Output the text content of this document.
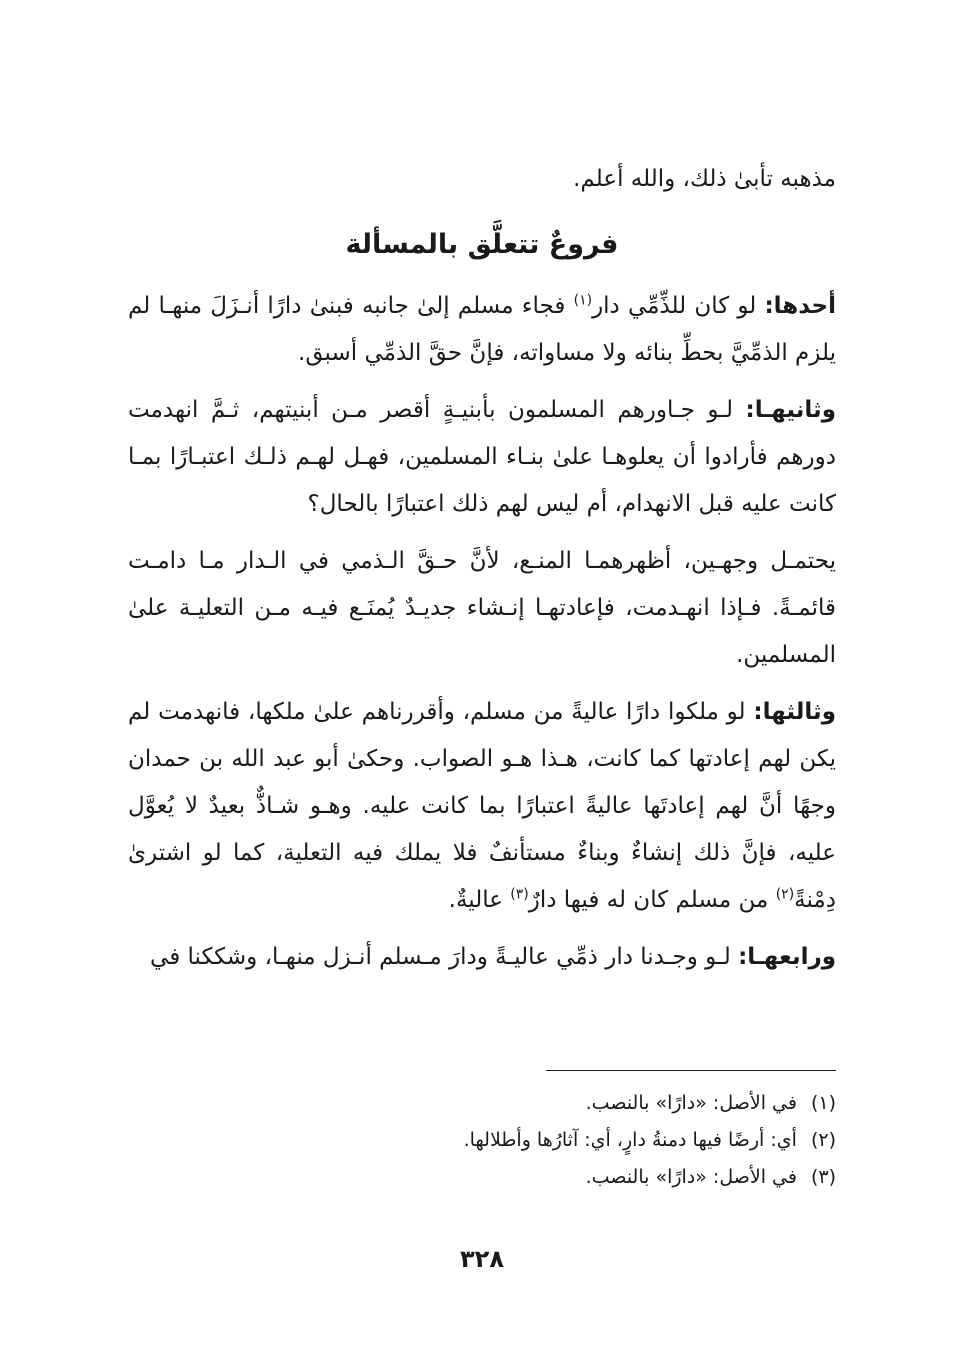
مذهبه تأبىٰ ذلك، والله أعلم.

فروعٌ تتعلَّق بالمسألة

أحدها: لو كان للذِّمِّي دار$^{(١)}$ فجاء مسلم إلىٰ جانبه فبنىٰ دارًا أنـزَلَ منهـا لم يلزم الذمِّيَّ بحطِّ بنائه ولا مساواته، فإنَّ حقَّ الذمِّي أسبق.

وثانيهـا: لـو جـاورهم المسلمون بأبنيـةٍ أقصر مـن أبنيتهم، ثـمَّ انهدمت دورهم فأرادوا أن يعلوهـا علىٰ بنـاء المسلمين، فهـل لهـم ذلـك اعتبـارًا بمـا كانت عليه قبل الانهدام، أم ليس لهم ذلك اعتبارًا بالحال؟

يحتمـل وجهـين، أظهرهمـا المنـع، لأنَّ حـقَّ الـذمي في الـدار مـا دامـت قائمـةً. فـإذا انهـدمت، فإعادتهـا إنـشاء جديـدٌ يُمنَـع فيـه مـن التعليـة علىٰ المسلمين.

وثالثها: لو ملكوا دارًا عاليةً من مسلم، وأقررناهم علىٰ ملكها، فانهدمت لم يكن لهم إعادتها كما كانت، هـذا هـو الصواب. وحكىٰ أبو عبد الله بن حمدان وجهًا أنَّ لهم إعادتَها عاليةً اعتبارًا بما كانت عليه. وهـو شـاذٌّ بعيدٌ لا يُعوَّل عليه، فإنَّ ذلك إنشاءٌ وبناءٌ مستأنفٌ فلا يملك فيه التعلية، كما لو اشترىٰ دِمْنةً$^{(٢)}$ من مسلم كان له فيها دارٌ$^{(٣)}$ عاليةٌ.

ورابعهـا: لـو وجـدنا دار ذمِّي عاليـةً ودارَ مـسلم أنـزل منهـا، وشككنا في

(١)في الأصل: «دارًا» بالنصب.
(٢)أي: أرضًا فيها دمنةُ دارٍ، أي: آثارُها وأطلالها.
(٣)في الأصل: «دارًا» بالنصب.
٣٢٨
